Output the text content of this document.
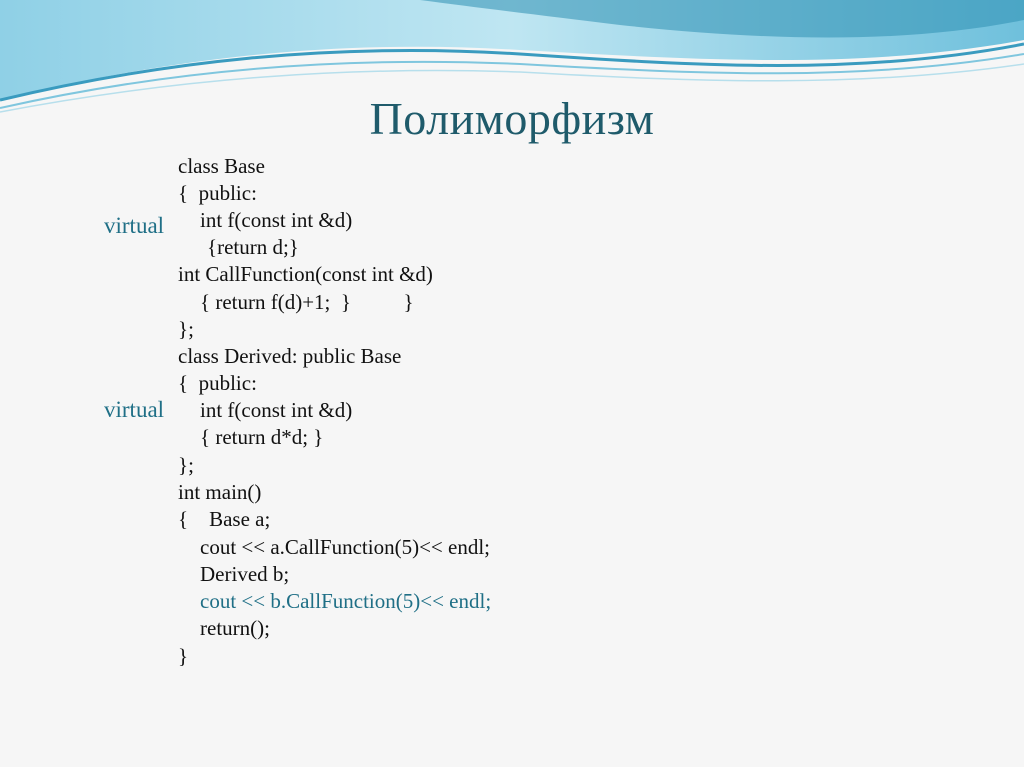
Полиморфизм
class Base
{  public:
int f(const int &d)
{return d;}
int CallFunction(const int &d)
{ return f(d)+1;  }          }
};
class Derived: public Base
{  public:
int f(const int &d)
{ return d*d; }
};
int main()
{    Base a;
cout << a.CallFunction(5)<< endl;
Derived b;
cout << b.CallFunction(5)<< endl;
return();
}
virtual
virtual
